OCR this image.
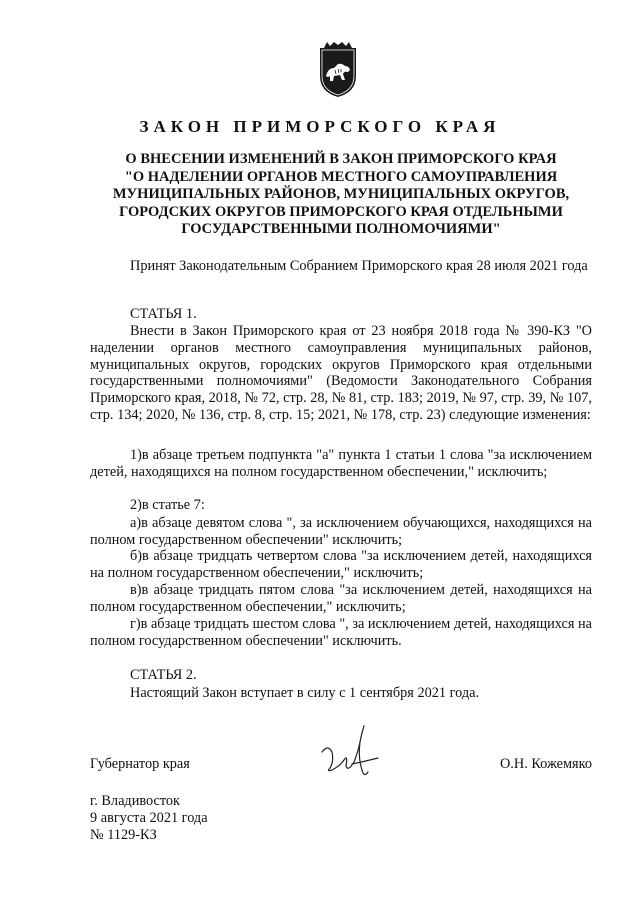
ЗАКОН ПРИМОРСКОГО КРАЯ
О ВНЕСЕНИИ ИЗМЕНЕНИЙ В ЗАКОН ПРИМОРСКОГО КРАЯ
"О НАДЕЛЕНИИ ОРГАНОВ МЕСТНОГО САМОУПРАВЛЕНИЯ
МУНИЦИПАЛЬНЫХ РАЙОНОВ, МУНИЦИПАЛЬНЫХ ОКРУГОВ,
ГОРОДСКИХ ОКРУГОВ ПРИМОРСКОГО КРАЯ ОТДЕЛЬНЫМИ
ГОСУДАРСТВЕННЫМИ ПОЛНОМОЧИЯМИ"

Принят Законодательным Собранием Приморского края 28 июля 2021 года

СТАТЬЯ 1.

Внести в Закон Приморского края от 23 ноября 2018 года № 390-КЗ "О наделении органов местного самоуправления муниципальных районов, муниципальных округов, городских округов Приморского края отдельными государственными полномочиями" (Ведомости Законодательного Собрания Приморского края, 2018, № 72, стр. 28, № 81, стр. 183; 2019, № 97, стр. 39, № 107, стр. 134; 2020, № 136, стр. 8, стр. 15; 2021, № 178, стр. 23) следующие изменения:

1)в абзаце третьем подпункта "а" пункта 1 статьи 1 слова "за исключением детей, находящихся на полном государственном обеспечении," исключить;

2)в статье 7:

а)в абзаце девятом слова ", за исключением обучающихся, находящихся на полном государственном обеспечении" исключить;

б)в абзаце тридцать четвертом слова "за исключением детей, находящихся на полном государственном обеспечении," исключить;

в)в абзаце тридцать пятом слова "за исключением детей, находящихся на полном государственном обеспечении," исключить;

г)в абзаце тридцать шестом слова ", за исключением детей, находящихся на полном государственном обеспечении" исключить.

СТАТЬЯ 2.

Настоящий Закон вступает в силу с 1 сентября 2021 года.

Губернатор края	О.Н. Кожемяко
г. Владивосток
9 августа 2021 года
№ 1129-КЗ
